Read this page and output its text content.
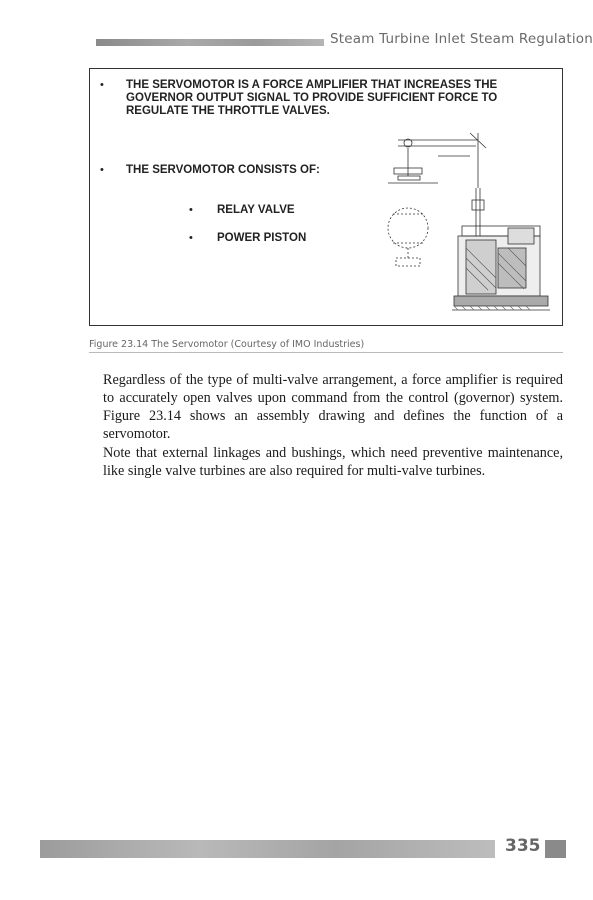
Steam Turbine Inlet Steam Regulation
• THE SERVOMOTOR IS A FORCE AMPLIFIER THAT INCREASES THE GOVERNOR OUTPUT SIGNAL TO PROVIDE SUFFICIENT FORCE TO REGULATE THE THROTTLE VALVES.
• THE SERVOMOTOR CONSISTS OF:
• RELAY VALVE
• POWER PISTON
Figure 23.14 The Servomotor (Courtesy of IMO Industries)

Regardless of the type of multi-valve arrangement, a force amplifier is required to accurately open valves upon command from the control (governor) system. Figure 23.14 shows an assembly drawing and defines the function of a servomotor.

Note that external linkages and bushings, which need preventive maintenance, like single valve turbines are also required for multi-valve turbines.

335
